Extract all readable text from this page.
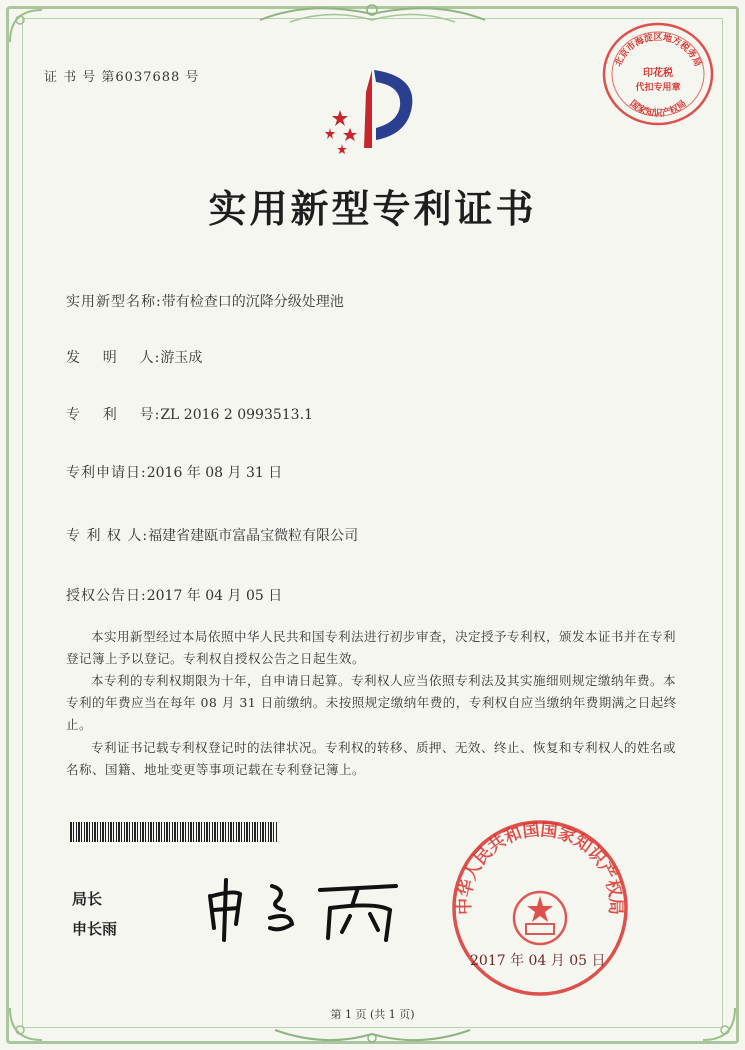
证 书 号 第6037688 号
实用新型专利证书
实用新型名称:带有检查口的沉降分级处理池
发    明    人:游玉成
专    利    号:ZL 2016 2 0993513.1
专利申请日:2016 年 08 月 31 日
专 利 权 人:福建省建瓯市富晶宝微粒有限公司
授权公告日:2017 年 04 月 05 日
本实用新型经过本局依照中华人民共和国专利法进行初步审查，决定授予专利权，颁发本证书并在专利登记簿上予以登记。专利权自授权公告之日起生效。
本专利的专利权期限为十年，自申请日起算。专利权人应当依照专利法及其实施细则规定缴纳年费。本专利的年费应当在每年 08 月 31 日前缴纳。未按照规定缴纳年费的，专利权自应当缴纳年费期满之日起终止。
专利证书记载专利权登记时的法律状况。专利权的转移、质押、无效、终止、恢复和专利权人的姓名或名称、国籍、地址变更等事项记载在专利登记簿上。
局长
申长雨
中华人民共和国国家知识产权局
2017 年 04 月 05 日
北京市海淀区地方税务局
印花税
代扣专用章
国家知识产权局
第 1 页 (共 1 页)
